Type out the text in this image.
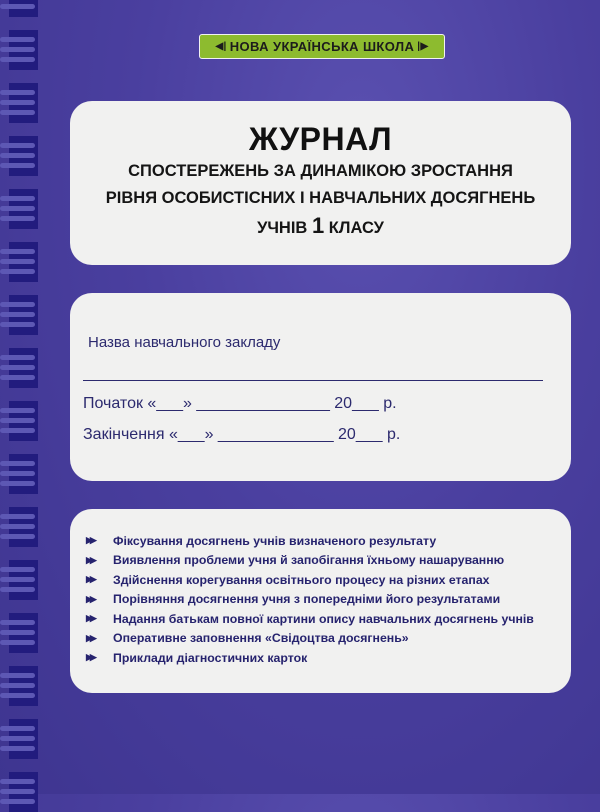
◀| НОВА УКРАЇНСЬКА ШКОЛА |▶
ЖУРНАЛ
СПОСТЕРЕЖЕНЬ ЗА ДИНАМІКОЮ ЗРОСТАННЯ
РІВНЯ ОСОБИСТІСНИХ І НАВЧАЛЬНИХ ДОСЯГНЕНЬ
УЧНІВ 1 КЛАСУ
Назва навчального закладу
Початок «___» _______________ 20___ р.
Закінчення «___» _____________ 20___ р.
▶▶	Фіксування досягнень учнів визначеного результату
▶▶	Виявлення проблеми учня й запобігання їхньому нашаруванню
▶▶	Здійснення корегування освітнього процесу на різних етапах
▶▶	Порівняння досягнення учня з попередніми його результатами
▶▶	Надання батькам повної картини опису навчальних досягнень учнів
▶▶	Оперативне заповнення «Свідоцтва досягнень»
▶▶	Приклади діагностичних карток
